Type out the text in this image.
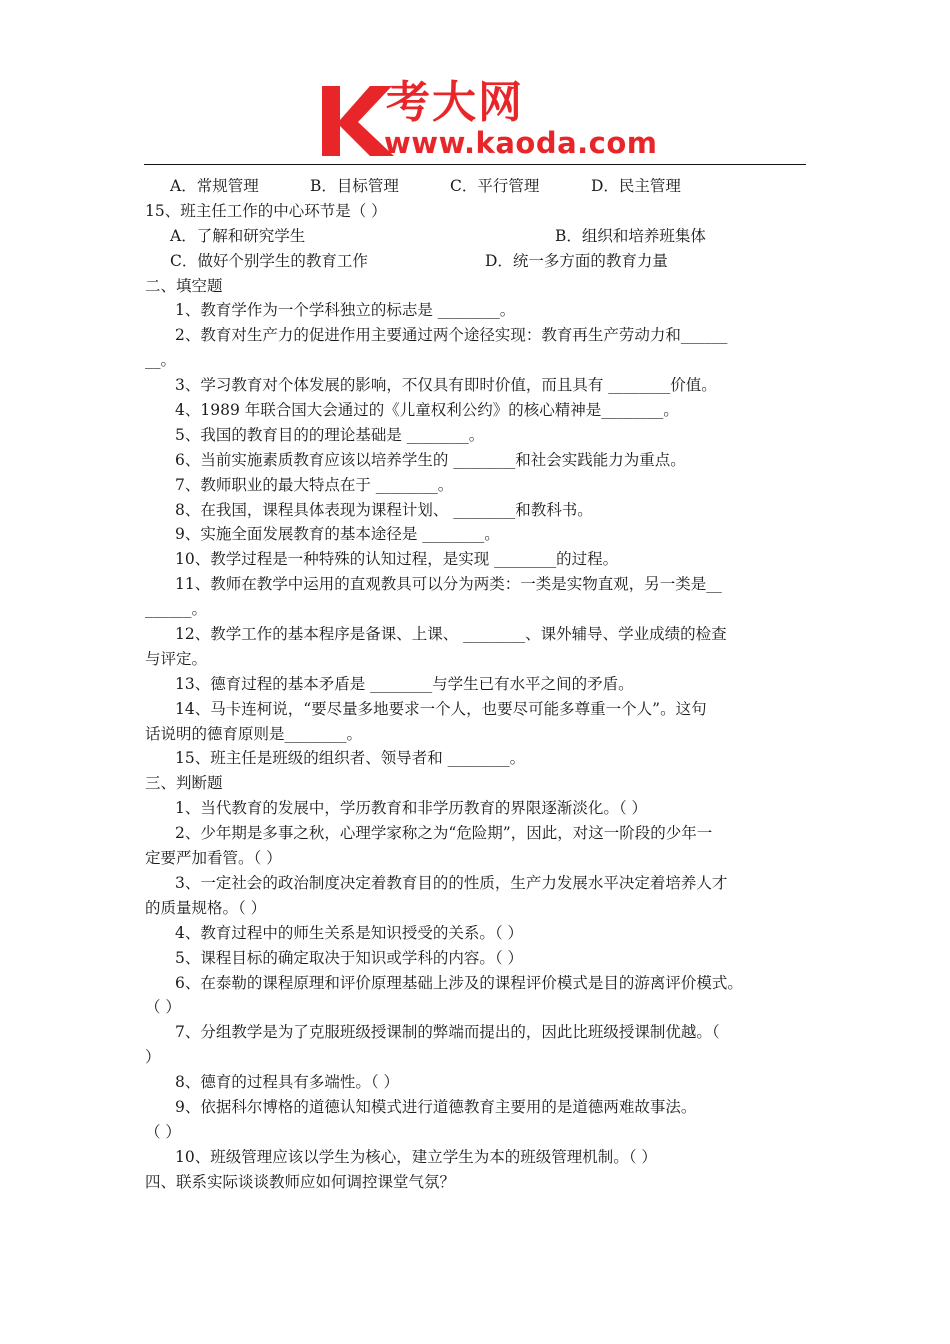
考大网
www.kaoda.com
A．常规管理	B．目标管理	C．平行管理	D．民主管理
15、班主任工作的中心环节是（ ）
A．了解和研究学生	B．组织和培养班集体
C．做好个别学生的教育工作	D．统一多方面的教育力量
二、填空题
1、教育学作为一个学科独立的标志是 ________。
2、教育对生产力的促进作用主要通过两个途径实现：教育再生产劳动力和______
__。
3、学习教育对个体发展的影响，不仅具有即时价值，而且具有 ________价值。
4、1989 年联合国大会通过的《儿童权利公约》的核心精神是________。
5、我国的教育目的的理论基础是 ________。
6、当前实施素质教育应该以培养学生的 ________和社会实践能力为重点。
7、教师职业的最大特点在于 ________。
8、在我国，课程具体表现为课程计划、 ________和教科书。
9、实施全面发展教育的基本途径是 ________。
10、教学过程是一种特殊的认知过程，是实现 ________的过程。
11、教师在教学中运用的直观教具可以分为两类：一类是实物直观，另一类是__
______。
12、教学工作的基本程序是备课、上课、 ________、课外辅导、学业成绩的检查
与评定。
13、德育过程的基本矛盾是 ________与学生已有水平之间的矛盾。
14、马卡连柯说，“要尽量多地要求一个人，也要尽可能多尊重一个人”。这句
话说明的德育原则是________。
15、班主任是班级的组织者、领导者和 ________。
三、判断题
1、当代教育的发展中，学历教育和非学历教育的界限逐渐淡化。（ ）
2、少年期是多事之秋，心理学家称之为“危险期”，因此，对这一阶段的少年一
定要严加看管。（ ）
3、一定社会的政治制度决定着教育目的的性质，生产力发展水平决定着培养人才
的质量规格。（ ）
4、教育过程中的师生关系是知识授受的关系。（ ）
5、课程目标的确定取决于知识或学科的内容。（ ）
6、在泰勒的课程原理和评价原理基础上涉及的课程评价模式是目的游离评价模式。
（ ）
7、分组教学是为了克服班级授课制的弊端而提出的，因此比班级授课制优越。（
）
8、德育的过程具有多端性。（ ）
9、依据科尔博格的道德认知模式进行道德教育主要用的是道德两难故事法。
（ ）
10、班级管理应该以学生为核心，建立学生为本的班级管理机制。（ ）
四、联系实际谈谈教师应如何调控课堂气氛？
